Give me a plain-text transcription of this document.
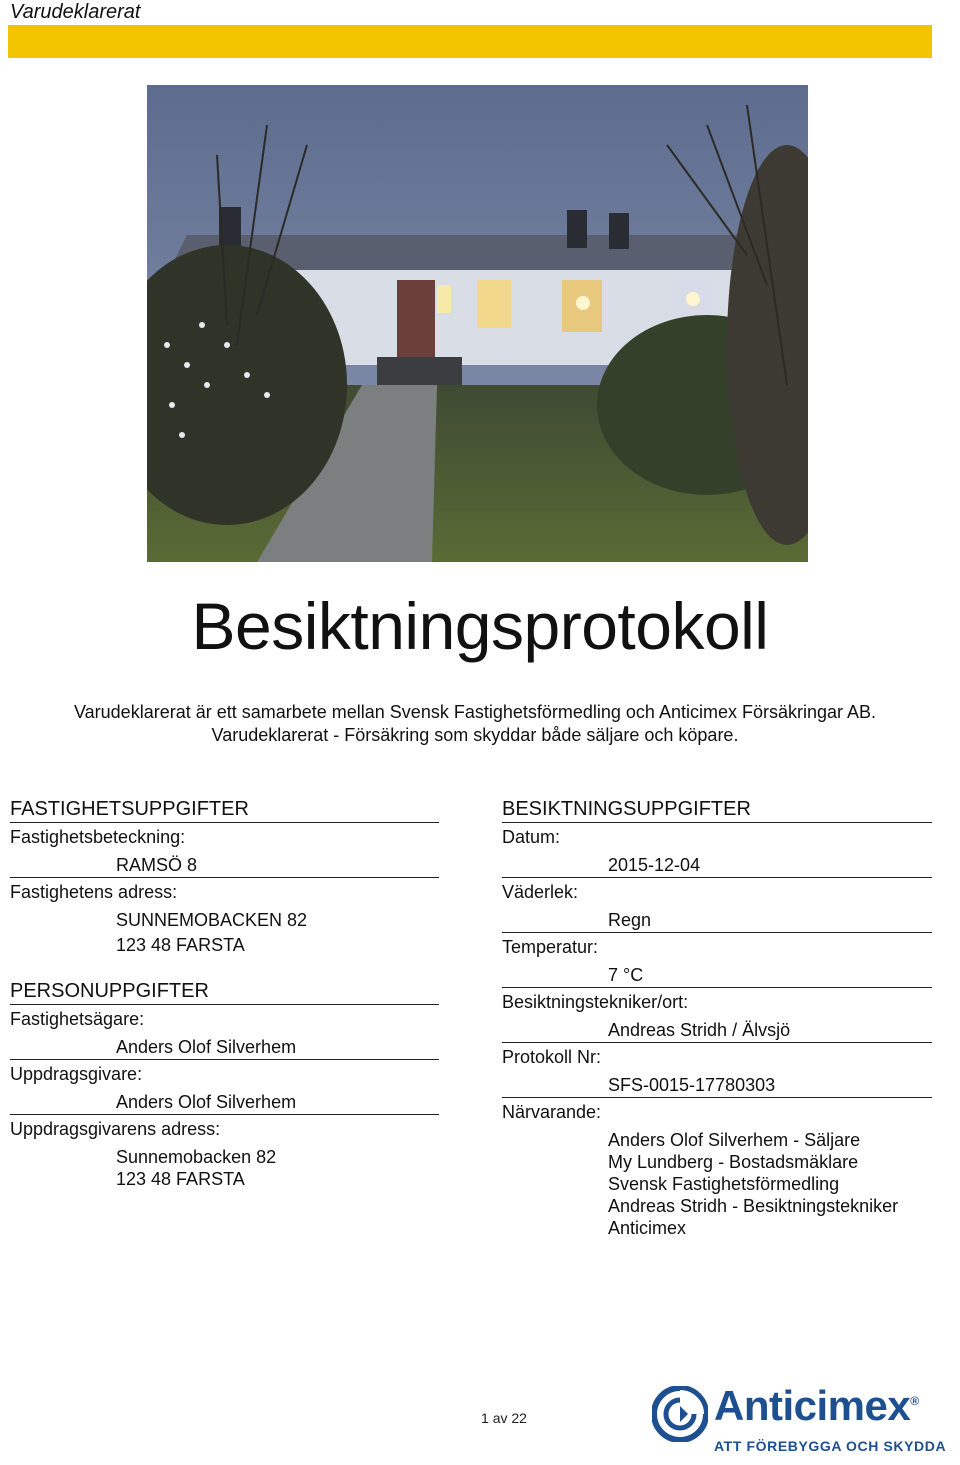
Varudeklarerat
Besiktningsprotokoll
Varudeklarerat är ett samarbete mellan Svensk Fastighetsförmedling och Anticimex Försäkringar AB.
Varudeklarerat - Försäkring som skyddar både säljare och köpare.
FASTIGHETSUPPGIFTER
Fastighetsbeteckning:
RAMSÖ 8
Fastighetens adress:
SUNNEMOBACKEN 82
123 48 FARSTA
PERSONUPPGIFTER
Fastighetsägare:
Anders Olof Silverhem
Uppdragsgivare:
Anders Olof Silverhem
Uppdragsgivarens adress:
Sunnemobacken 82
123 48 FARSTA
BESIKTNINGSUPPGIFTER
Datum:
2015-12-04
Väderlek:
Regn
Temperatur:
7 °C
Besiktningstekniker/ort:
Andreas Stridh / Älvsjö
Protokoll Nr:
SFS-0015-17780303
Närvarande:
Anders Olof Silverhem - Säljare
My Lundberg - Bostadsmäklare
Svensk Fastighetsförmedling
Andreas Stridh - Besiktningstekniker
Anticimex
1 av 22	Anticimex®
ATT FÖREBYGGA OCH SKYDDA
